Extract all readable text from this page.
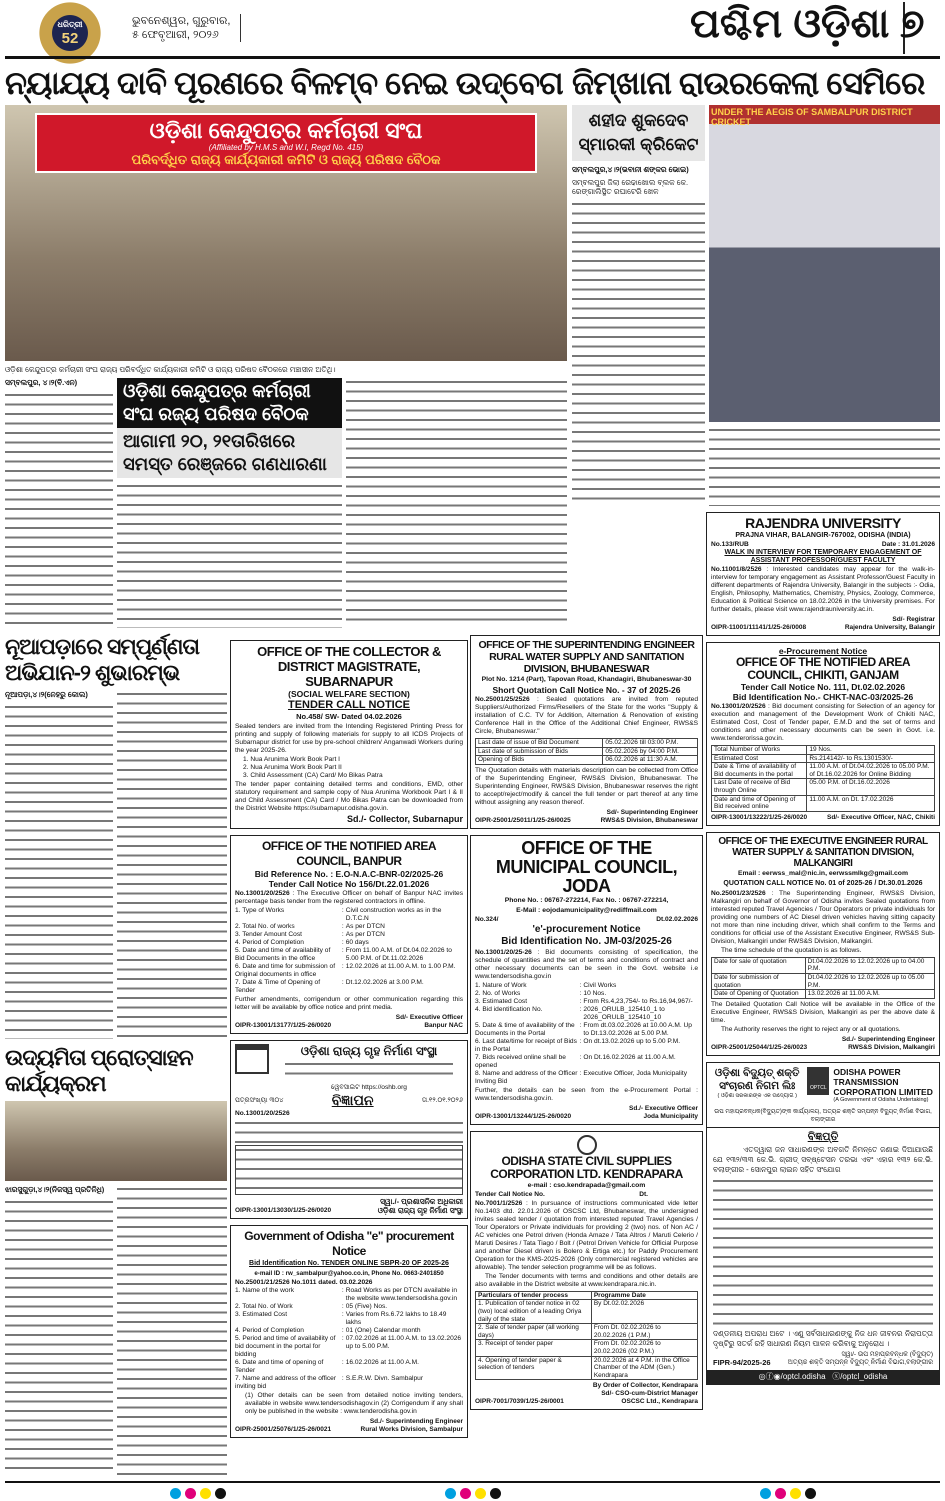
ଧରିତ୍ରୀ
52
ଭୁବନେଶ୍ୱର, ଗୁରୁବାର,
୫ ଫେବୃଆରୀ, ୨୦୨୬	ପଶ୍ଚିମ ଓଡ଼ିଶା ୭
ନ୍ୟାଯ୍ୟ ଦାବି ପୂରଣରେ ବିଳମ୍ବ ନେଇ ଉଦ୍‌ବେଗ
ଓଡ଼ିଶା କେନ୍ଦୁପତ୍ର କର୍ମଚାରୀ ସଂଘ
(Affiliated by H.M.S and W.I, Regd No. 415)
ପରିବର୍ଦ୍ଧିତ ରାଜ୍ୟ କାର୍ଯ୍ୟକାରୀ କମିଟି ଓ ରାଜ୍ୟ ପରିଷଦ ବୈଠକ
ଓଡ଼ିଶା କେନ୍ଦୁପତ୍ର କର୍ମଚାରୀ ସଂଘ ରାଜ୍ୟ ପରିବର୍ଦ୍ଧିତ କାର୍ଯ୍ୟକାରୀ କମିଟି ଓ ରାଜ୍ୟ ପରିଷଦ ବୈଠକରେ ମଞ୍ଚାସୀନ ଅତିଥି।
ସମ୍ବଲପୁର, ୪।୨(ବି.ଏନ)	ଓଡ଼ିଶା କେନ୍ଦୁପତ୍ର କର୍ମଚାରୀ ସଂଘ ରଜ୍ୟ ପରିଷଦ ବୈଠକ
ଆଗାମୀ ୨୦, ୨୧ତାରିଖରେ ସମସ୍ତ ରେଞ୍ଜରେ ଗଣଧାରଣା
ଜିମ୍‌ଖାନା ରାଉରକେଲା ସେମିରେ
ଶହୀଦ ଶୁକଦେବ ସ୍ମାରକୀ କ୍ରିକେଟ
ସମ୍ବଲପୁର,୪।୨(ଭବାନୀ ଶଙ୍କର ଭୋଇ)
ସମ୍ବଲପୁର ଜିଲା ରେଢାଖୋଲ ବ୍ଲକ କେ. ରେଙ୍ଗାଲିସ୍ଥିତ ରଘାଟେରି ଖେଳ
UNDER THE AEGIS OF SAMBALPUR DISTRICT CRICKET
ନୂଆପଡ଼ାରେ ସମ୍ପୂର୍ଣ୍ଣତା ଅଭିଯାନ-୨ ଶୁଭାରମ୍ଭ
ନୂଆପଡ଼ା,୪।୨(ନେହରୁ କୋଲ)
ଉଦ୍ୟମିତା ପ୍ରୋତ୍ସାହନ କାର୍ଯ୍ୟକ୍ରମ
ଝାରସୁଗୁଡ଼ା,୪।୨(ନିଜସ୍ୱ ପ୍ରତିନିଧି)
OFFICE OF THE COLLECTOR & DISTRICT MAGISTRATE, SUBARNAPUR
(SOCIAL WELFARE SECTION)
TENDER CALL NOTICE
No.458/ SW- Dated 04.02.2026

Sealed tenders are invited from the Intending Registered Printing Press for printing and supply of following materials for supply to all ICDS Projects of Subarnapur district for use by pre-school children/ Anganwadi Workers during the year 2025-26.

1. Nua Arunima Work Book Part I
2. Nua Arunima Work Book Part II
3. Child Assessment (CA) Card/ Mo Bikas Patra

The tender paper containing detailed terms and conditions, EMD, other statutory requirement and sample copy of Nua Arunima Workbook Part I & II and Child Assessment (CA) Card / Mo Bikas Patra can be downloaded from the District Website https://subarnapur.odisha.gov.in.

Sd./- Collector, Subarnapur
OFFICE OF THE NOTIFIED AREA COUNCIL, BANPUR
Bid Reference No. : E.O-N.A.C-BNR-02/2025-26
Tender Call Notice No 156/Dt.22.01.2026

No.13001/20/2526 : The Executive Officer on behalf of Banpur NAC invites percentage basis tender from the registered contractors in offline.

1. Type of Works	: Civil construction works as in the D.T.C.N
2. Total No. of works	: As per DTCN
3. Tender Amount Cost	: As per DTCN
4. Period of Completion	: 60 days
5. Date and time of availability of Bid Documents in the office
: From 11.00 A.M. of Dt.04.02.2026 to 5.00 P.M. of Dt.11.02.2026
6. Date and time for submission of Original documents in office
: 12.02.2026 at 11.00 A.M. to 1.00 P.M.
7. Date & Time of Opening of Tender
: Dt.12.02.2026 at 3.00 P.M.

Further amendments, corrigendum or other communication regarding this letter will be available by office notice and print media.

OIPR-13001/13177/1/25-26/0020
Sd/- Executive Officer
Banpur NAC
ଓଡ଼ିଶା ରାଜ୍ୟ ଗୃହ ନିର୍ମାଣ ସଂସ୍ଥା
ୱେବସାଇଟ https://oshb.org
ପତ୍ରସଂଖ୍ୟା ୩୦୪	ବିଜ୍ଞାପନ	ତା.୧୨.୦୧.୨୦୨୬

No.13001/20/2526

OIPR-13001/13030/1/25-26/0020
ସ୍ୱା./- ପ୍ରଶାସନିକ ଅଧିକାରୀ
ଓଡ଼ିଶା ରାଜ୍ୟ ଗୃହ ନିର୍ମାଣ ସଂସ୍ଥା
Government of Odisha "e" procurement Notice
Bid Identification No. TENDER ONLINE SBPR-20 OF 2025-26
e-mail ID : rw_sambalpur@yahoo.co.in, Phone No. 0663-2401850
No.25001/21/2526 No.1011 dated. 03.02.2026
1. Name of the work	: Road Works as per DTCN available in the website www.tendersodisha.gov.in
2. Total No. of Work	: 05 (Five) Nos.
3. Estimated Cost	: Varies from Rs.6.72 lakhs to 18.49 lakhs
4. Period of Completion	: 01 (One) Calendar month
5. Period and time of availability of bid document in the portal for bidding
: 07.02.2026 at 11.00 A.M. to 13.02.2026 up to 5.00 P.M.
6. Date and time of opening of Tender
: 16.02.2026 at 11.00 A.M.
7. Name and address of the officer inviting bid
: S.E.R.W. Divn. Sambalpur

(1) Other details can be seen from detailed notice inviting tenders, available in website www.tendersodishagov.in (2) Corrigendum if any shall only be published in the website : www.tenderodisha.gov.in

OIPR-25001/25076/1/25-26/0021
Sd./- Superintending Engineer
Rural Works Division, Sambalpur
OFFICE OF THE SUPERINTENDING ENGINEER RURAL WATER SUPPLY AND SANITATION DIVISION, BHUBANESWAR
Plot No. 1214 (Part), Tapovan Road, Khandagiri, Bhubaneswar-30
Short Quotation Call Notice No. - 37 of 2025-26

No.25001/25/2526 : Sealed quotations are invited from reputed Suppliers/Authorized Firms/Resellers of the State for the works "Supply & installation of C.C. TV for Addition, Alternation & Renovation of existing Conference Hall in the Office of the Additional Chief Engineer, RWS&S Circle, Bhubaneswar."

Last date of issue of Bid Document	05.02.2026 till 03:00 P.M.
Last date of submission of Bids	05.02.2026 by 04:00 P.M.
Opening of Bids	06.02.2026 at 11:30 A.M.

The Quotation details with materials description can be collected from Office of the Superintending Engineer, RWS&S Division, Bhubaneswar. The Superintending Engineer, RWS&S Division, Bhubaneswar reserves the right to accept/reject/modify & cancel the full tender or part thereof at any time without assigning any reason thereof.

OIPR-25001/25011/1/25-26/0025
Sd/- Superintending Engineer
RWS&S Division, Bhubaneswar
OFFICE OF THE MUNICIPAL COUNCIL, JODA
Phone No. : 06767-272214, Fax No. : 06767-272214,
E-Mail : eojodamunicipality@rediffmail.com
No.324/	Dt.02.02.2026
'e'-procurement Notice
Bid Identification No. JM-03/2025-26

No.13001/20/25-26 : Bid documents consisting of specification, the schedule of quantities and the set of terms and conditions of contract and other necessary documents can be seen in the Govt. website i.e www.tendersodisha.gov.in

1. Nature of Work	: Civil Works
2. No. of Works	: 10 Nos.
3. Estimated Cost	: From Rs.4,23,754/- to Rs.16,94,967/-
4. Bid identification No.	: 2026_ORULB_125410_1 to 2026_ORULB_125410_10
5. Date & time of availability of the Documents in the Portal
: From dt.03.02.2026 at 10.00 A.M. Up to Dt.13.02.2026 at 5.00 P.M.
6. Last date/time for receipt of Bids in the Portal
: On dt.13.02.2026 up to 5.00 P.M.
7. Bids received online shall be opened
: On Dt.16.02.2026 at 11.00 A.M.
8. Name and address of the Officer Inviting Bid
: Executive Officer, Joda Municipality

Further, the details can be seen from the e-Procurement Portal : www.tendersodisha.gov.in.

OIPR-13001/13244/1/25-26/0020
Sd./- Executive Officer
Joda Municipality
ODISHA STATE CIVIL SUPPLIES CORPORATION LTD. KENDRAPARA
e-mail : cso.kendrapada@gmail.com
Tender Call Notice No.	Dt.

No.7001/1/2526 : In pursuance of instructions communicated vide letter No.1403 dtd. 22.01.2026 of OSCSC Ltd, Bhubaneswar, the undersigned invites sealed tender / quotation from interested reputed Travel Agencies / Tour Operators or Private individuals for providing 2 (two) nos. of Non AC / AC vehicles one Petrol driven (Honda Amaze / Tata Altros / Maruti Celerio / Maruti Desires / Tata Tiago / Bolt / (Petrol Driven Vehicle for Official Purpose and another Diesel driven is Bolero & Ertiga etc.) for Paddy Procurement Operation for the KMS-2025-2026 (Only commercial registered vehicles are allowable). The tender selection programme will be as follows.

The Tender documents with terms and conditions and other details are also available in the District website at www.kendrapara.nic.in.

Particulars of tender process	Programme Date
1. Publication of tender notice in 02 (two) local edition of a leading Oriya daily of the state	By Dt.02.02.2026
2. Sale of tender paper (all working days)	From Dt. 02.02.2026 to 20.02.2026 (1 P.M.)
3. Receipt of tender paper	From Dt. 02.02.2026 to 20.02.2026 (02 P.M.)
4. Opening of tender paper & selection of tenders	20.02.2026 at 4 P.M. in the Office Chamber of the ADM (Gen.) Kendrapara
OIPR-7001/7039/1/25-26/0001
By Order of Collector, Kendrapara
Sd/- CSO-cum-District Manager
OSCSC Ltd., Kendrapara
RAJENDRA UNIVERSITY
PRAJNA VIHAR, BALANGIR-767002, ODISHA (INDIA)
No.133/RUB	Date : 31.01.2026
WALK IN INTERVIEW FOR TEMPORARY ENGAGEMENT OF ASSISTANT PROFESSOR/GUEST FACULTY

No.11001/8/2526 : Interested candidates may appear for the walk-in-interview for temporary engagement as Assistant Professor/Guest Faculty in different departments of Rajendra University, Balangir in the subjects :- Odia, English, Philosophy, Mathematics, Chemistry, Physics, Zoology, Commerce, Education & Political Science on 18.02.2026 in the University premises. For further details, please visit www.rajendrauniversity.ac.in.

OIPR-11001/11141/1/25-26/0008
Sd/- Registrar
Rajendra University, Balangir
e-Procurement Notice
OFFICE OF THE NOTIFIED AREA COUNCIL, CHIKITI, GANJAM
Tender Call Notice No. 111, Dt.02.02.2026
Bid Identification No.- CHKT-NAC-03/2025-26

No.13001/20/2526 : Bid document consisting for Selection of an agency for execution and management of the Development Work of Chikiti NAC, Estimated Cost, Cost of Tender paper, E.M.D and the set of terms and conditions and other necessary documents can be seen in Govt. i.e. www.tenderorissa.gov.in.

Total Number of Works	19 Nos.
Estimated Cost	Rs.214142/- to Rs.1301530/-
Date & Time of availability of Bid documents in the portal	11.00 A.M. of Dt.04.02.2026 to 05.00 P.M. of Dt.16.02.2026 for Online Bidding
Last Date of receive of Bid through Online	05.00 P.M. of Dt.16.02.2026
Date and time of Opening of Bid received online	11.00 A.M. on Dt. 17.02.2026
OIPR-13001/13222/1/25-26/0020	Sd/- Executive Officer, NAC, Chikiti
OFFICE OF THE EXECUTIVE ENGINEER RURAL WATER SUPPLY & SANITATION DIVISION, MALKANGIRI
Email : eerwss_mal@nic.in, eerwssmlkg@gmail.com
QUOTATION CALL NOTICE No. 01 of 2025-26 / Dt.30.01.2026

No.25001/23/2526 : The Superintending Engineer, RWS&S Division, Malkangiri on behalf of Governor of Odisha invites Sealed quotations from interested reputed Travel Agencies / Tour Operators or private individuals for providing one numbers of AC Diesel driven vehicles having sitting capacity not more than nine including driver, which shall confirm to the Terms and conditions for official use of the Assistant Executive Engineer, RWS&S Sub-Division, Malkangiri under RWS&S Division, Malkangiri.

The time schedule of the quotation is as follows.

Date for sale of quotation	Dt.04.02.2026 to 12.02.2026 up to 04.00 P.M.
Date for submission of quotation	Dt.04.02.2026 to 12.02.2026 up to 05.00 P.M.
Date of Opening of Quotation	13.02.2026 at 11.00 A.M.

The Detailed Quotation Call Notice will be available in the Office of the Executive Engineer, RWS&S Division, Malkangiri as per the above date & time.

The Authority reserves the right to reject any or all quotations.

OIPR-25001/25044/1/25-26/0023
Sd./- Superintending Engineer
RWS&S Division, Malkangiri
ଓଡ଼ିଶା ବିଦ୍ୟୁତ୍ ଶକ୍ତି ସଂଚାରଣ ନିଗମ ଲିଃ
( ଓଡ଼ିଶା ସରକାରଙ୍କ ଏକ ଉଦ୍ୟୋଗ )
OPTCL
ODISHA POWER TRANSMISSION CORPORATION LIMITED
(A Government of Odisha Undertaking)
ଉପ ମହାପ୍ରବନ୍ଧକ(ବିଦ୍ୟୁତ)ଙ୍କ କାର୍ଯ୍ୟାଳୟ, ଅତ୍ୟଚ୍ଚ ଶକ୍ତି ସମ୍ପନ୍ନ ବିଦ୍ୟୁତ୍ ନିର୍ମାଣ ବିଭାଗ, ବଲାଙ୍ଗୀର
ବିଜ୍ଞପ୍ତି

ଏତଦ୍ୱାରା ଜନ ସାଧାରଣଙ୍କ ଅବଗତି ନିମନ୍ତେ ଜଣାଇ ଦିଆଯାଉଛି ଯେ ୧୩୨/୩୩ କେ.ଭି. ଗ୍ରୀଡ୍ ସବ୍‌ଷ୍ଟେସନ ତରଭା ଏବଂ ଏହାର ୧୩୨ କେ.ଭି. ବଲାଙ୍ଗୀର - ସୋନପୁର ଲାଇନ ସହିତ ସଂଯୋଗ

ଦଣ୍ଡନୀୟ ଅପରାଧ ଅଟେ । ଏଣୁ ସର୍ବସାଧାରଣଙ୍କୁ ନିଜ ଧନ ଜୀବନର ନିରାପତ୍ତା ଦୃଷ୍ଟିରୁ ସତର୍କ ରହି ସାଧାରଣ ନିୟମ ପାଳନ କରିବାକୁ ଅନୁରୋଧ ।

FIPR-94/2025-26
ସ୍ୱା/- ଉପ ମହାପ୍ରବନ୍ଧକ (ବିଦ୍ୟୁତ)
ଅତ୍ୟଚ୍ଚ ଶକ୍ତି ସମ୍ପନ୍ନ ବିଦ୍ୟୁତ୍ ନିର୍ମାଣ ବିଭାଗ,ବଲାଙ୍ଗୀର
◎ⓕ◉/optcl.odisha ⓧ/optcl_odisha
